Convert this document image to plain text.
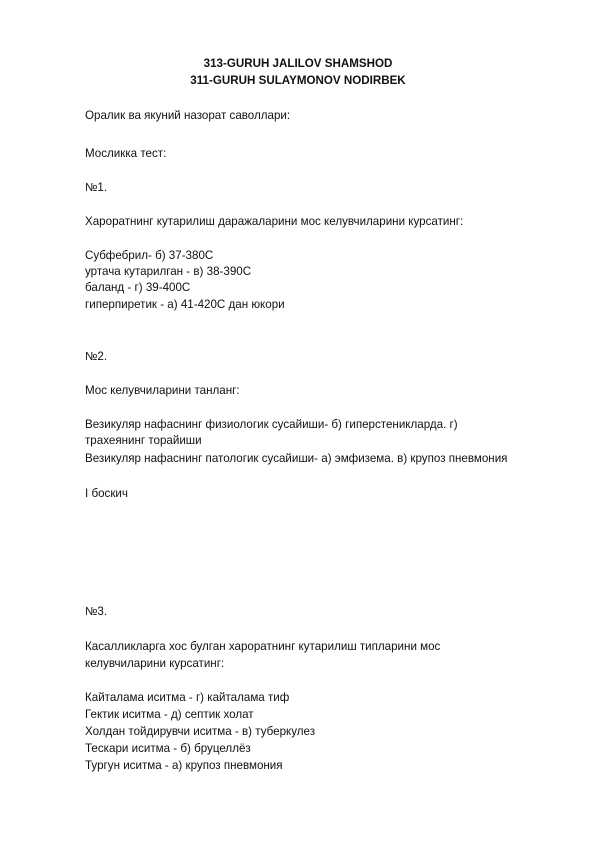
313-GURUH JALILOV SHAMSHOD
311-GURUH SULAYMONOV NODIRBEK
Оралик ва якуний назорат саволлари:
Мосликка тест:
№1.
Хароратнинг кутарилиш даражаларини мос келувчиларини курсатинг:
Субфебрил- б) 37-380С
уртача кутарилган - в) 38-390С
баланд - г) 39-400С
гиперпиретик - а) 41-420С дан юкори
№2.
Мос келувчиларини танланг:
Везикуляр нафаснинг физиологик сусайиши- б) гиперстеникларда. г)
трахеянинг торайиши
Везикуляр нафаснинг патологик сусайиши- а) эмфизема. в) крупоз пневмония
I боскич
№3.
Касалликларга хос булган хароратнинг кутарилиш типларини мос
келувчиларини курсатинг:
Кайталама иситма - г) кайталама тиф
Гектик иситма - д) септик холат
Холдан тойдирувчи иситма - в) туберкулез
Тескари иситма - б) бруцеллёз
Тургун иситма - а) крупоз пневмония
